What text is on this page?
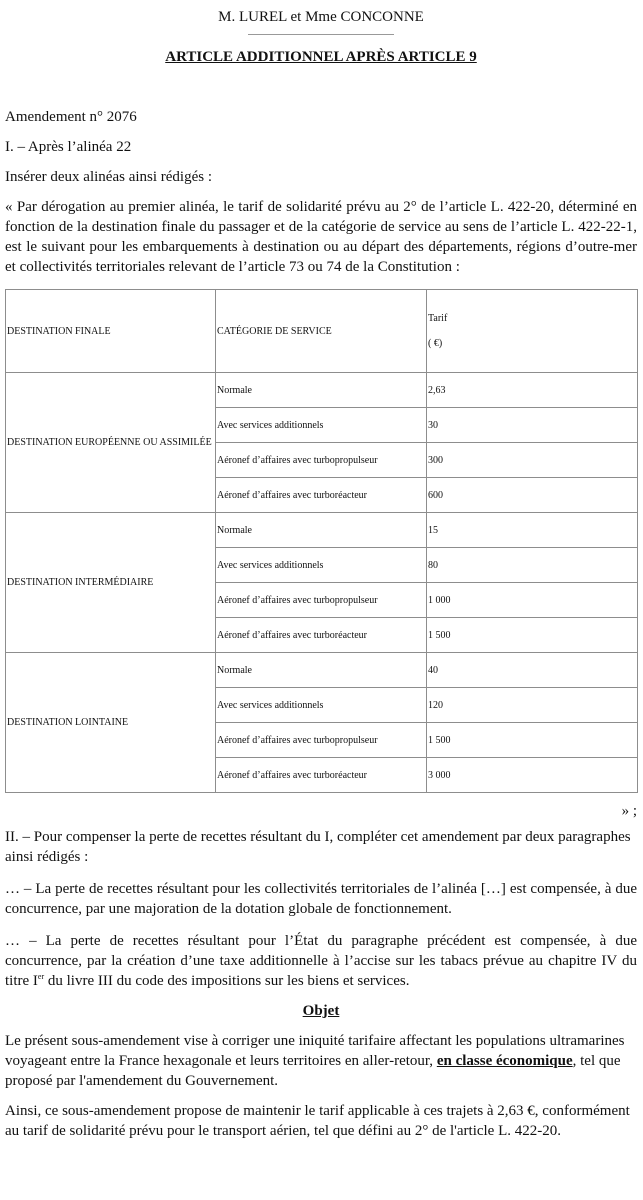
M. LUREL et Mme CONCONNE
ARTICLE ADDITIONNEL APRÈS ARTICLE 9

Amendement n° 2076

I. – Après l’alinéa 22

Insérer deux alinéas ainsi rédigés :

« Par dérogation au premier alinéa, le tarif de solidarité prévu au 2° de l’article L. 422-20, déterminé en fonction de la destination finale du passager et de la catégorie de service au sens de l’article L. 422-22-1, est le suivant pour les embarquements à destination ou au départ des départements, régions d’outre-mer et collectivités territoriales relevant de l’article 73 ou 74 de la Constitution :

DESTINATION FINALE	CATÉGORIE DE SERVICE	Tarif
( €)

DESTINATION EUROPÉENNE OU ASSIMILÉE	Normale	2,63
	Avec services additionnels	30
	Aéronef d’affaires avec turbopropulseur	300
	Aéronef d’affaires avec turboréacteur	600
DESTINATION INTERMÉDIAIRE	Normale	15
	Avec services additionnels	80
	Aéronef d’affaires avec turbopropulseur	1 000
	Aéronef d’affaires avec turboréacteur	1 500
DESTINATION LOINTAINE	Normale	40
	Avec services additionnels	120
	Aéronef d’affaires avec turbopropulseur	1 500
	Aéronef d’affaires avec turboréacteur	3 000

» ;

II. – Pour compenser la perte de recettes résultant du I, compléter cet amendement par deux paragraphes ainsi rédigés :

… – La perte de recettes résultant pour les collectivités territoriales de l’alinéa […] est compensée, à due concurrence, par une majoration de la dotation globale de fonctionnement.

… – La perte de recettes résultant pour l’État du paragraphe précédent est compensée, à due concurrence, par la création d’une taxe additionnelle à l’accise sur les tabacs prévue au chapitre IV du titre Ier du livre III du code des impositions sur les biens et services.

Objet

Le présent sous-amendement vise à corriger une iniquité tarifaire affectant les populations ultramarines voyageant entre la France hexagonale et leurs territoires en aller-retour, en classe économique, tel que proposé par l'amendement du Gouvernement.

Ainsi, ce sous-amendement propose de maintenir le tarif applicable à ces trajets à 2,63 €, conformément au tarif de solidarité prévu pour le transport aérien, tel que défini au 2° de l'article L. 422-20.
